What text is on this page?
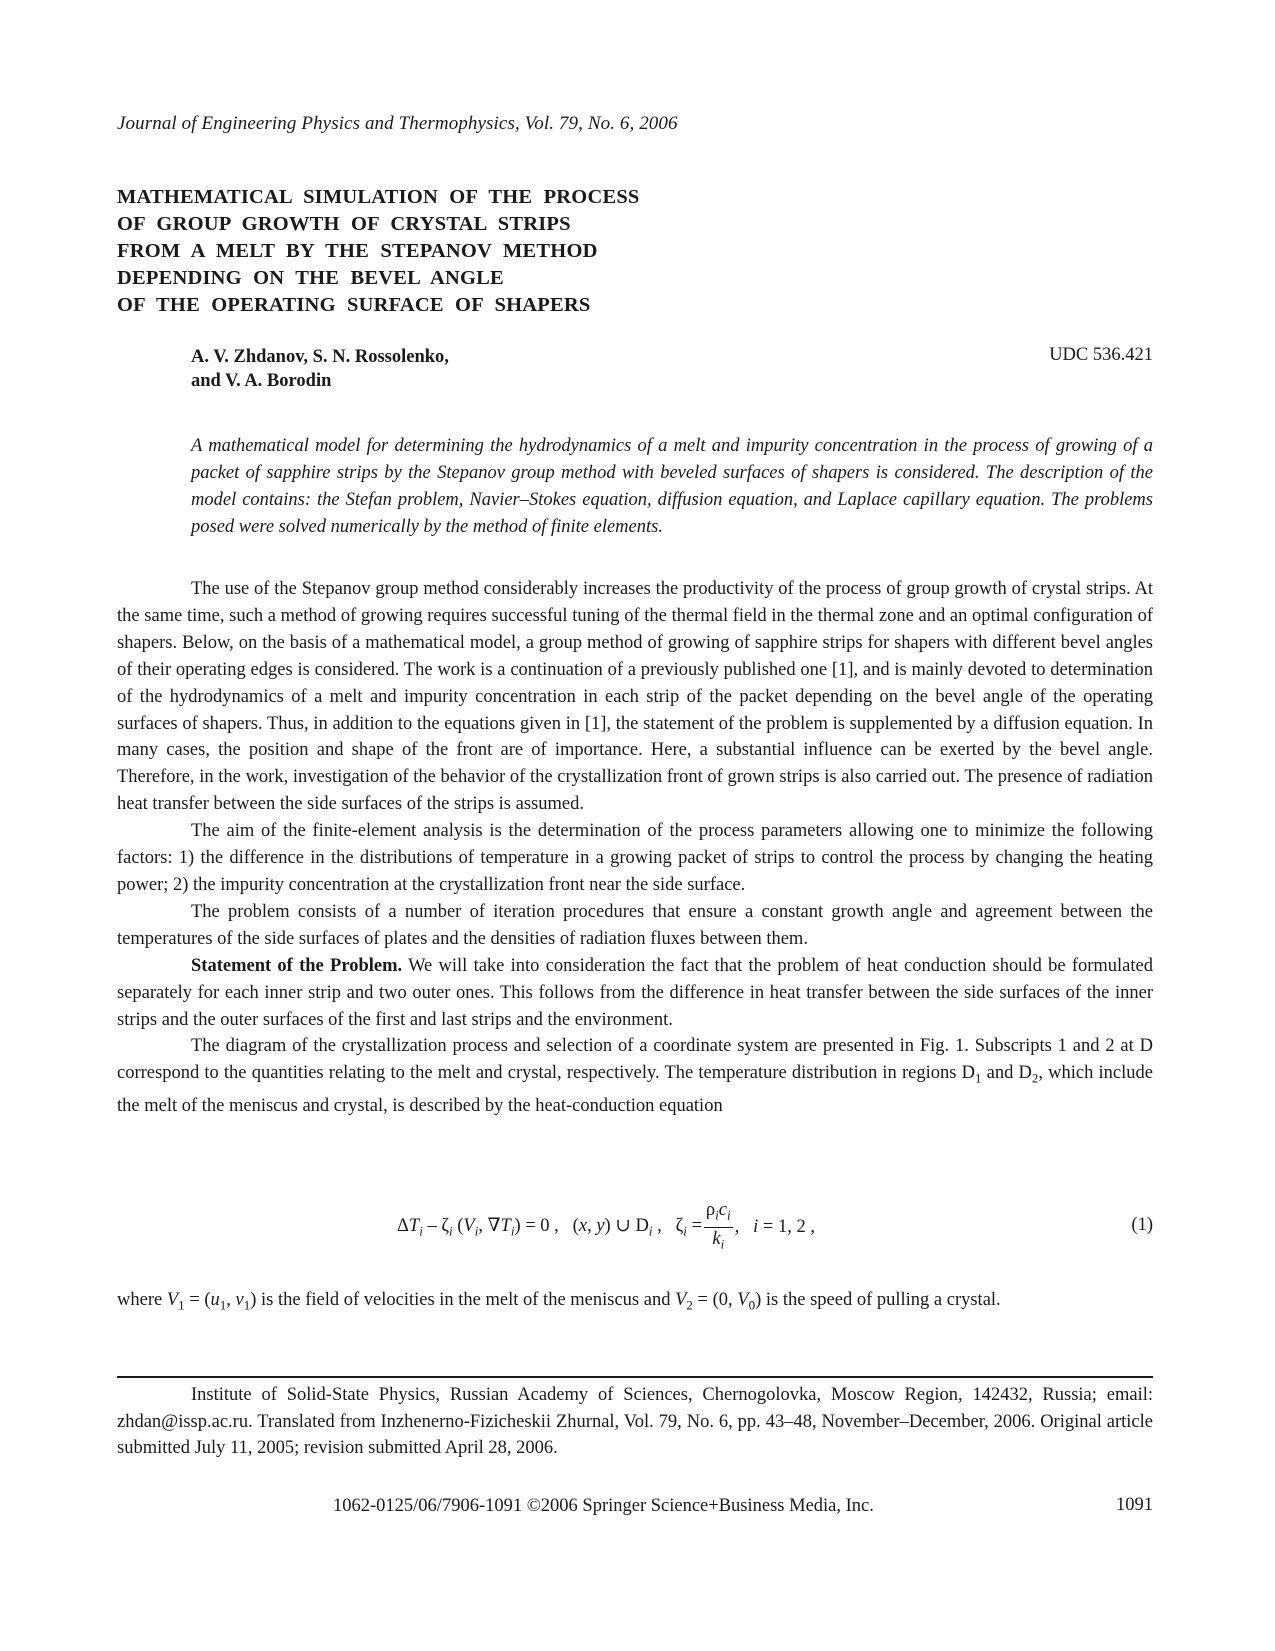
Journal of Engineering Physics and Thermophysics, Vol. 79, No. 6, 2006
MATHEMATICAL SIMULATION OF THE PROCESS
OF GROUP GROWTH OF CRYSTAL STRIPS
FROM A MELT BY THE STEPANOV METHOD
DEPENDING ON THE BEVEL ANGLE
OF THE OPERATING SURFACE OF SHAPERS
A. V. Zhdanov, S. N. Rossolenko,
and V. A. Borodin
UDC 536.421
A mathematical model for determining the hydrodynamics of a melt and impurity concentration in the process of growing of a packet of sapphire strips by the Stepanov group method with beveled surfaces of shapers is considered. The description of the model contains: the Stefan problem, Navier–Stokes equation, diffusion equation, and Laplace capillary equation. The problems posed were solved numerically by the method of finite elements.

The use of the Stepanov group method considerably increases the productivity of the process of group growth of crystal strips. At the same time, such a method of growing requires successful tuning of the thermal field in the thermal zone and an optimal configuration of shapers. Below, on the basis of a mathematical model, a group method of growing of sapphire strips for shapers with different bevel angles of their operating edges is considered. The work is a continuation of a previously published one [1], and is mainly devoted to determination of the hydrodynamics of a melt and impurity concentration in each strip of the packet depending on the bevel angle of the operating surfaces of shapers. Thus, in addition to the equations given in [1], the statement of the problem is supplemented by a diffusion equation. In many cases, the position and shape of the front are of importance. Here, a substantial influence can be exerted by the bevel angle. Therefore, in the work, investigation of the behavior of the crystallization front of grown strips is also carried out. The presence of radiation heat transfer between the side surfaces of the strips is assumed.

The aim of the finite-element analysis is the determination of the process parameters allowing one to minimize the following factors: 1) the difference in the distributions of temperature in a growing packet of strips to control the process by changing the heating power; 2) the impurity concentration at the crystallization front near the side surface.

The problem consists of a number of iteration procedures that ensure a constant growth angle and agreement between the temperatures of the side surfaces of plates and the densities of radiation fluxes between them.

Statement of the Problem. We will take into consideration the fact that the problem of heat conduction should be formulated separately for each inner strip and two outer ones. This follows from the difference in heat transfer between the side surfaces of the inner strips and the outer surfaces of the first and last strips and the environment.

The diagram of the crystallization process and selection of a coordinate system are presented in Fig. 1. Subscripts 1 and 2 at D correspond to the quantities relating to the melt and crystal, respectively. The temperature distribution in regions $D_1$ and $D_2$, which include the melt of the meniscus and crystal, is described by the heat-conduction equation

$\Delta T_i - \zeta_i$ ($V_i$, $\nabla T_i) = 0$ ,   (x, y) ∪ $D_i$ ,   $\zeta_i = \frac{\rho_ic_i}{k_i}$ ,   i = 1, 2 ,	(1)
where $V_1 = (u_1$, $v_1$) is the field of velocities in the melt of the meniscus and $V_2 = (0$, $V_0$) is the speed of pulling a crystal.

Institute of Solid-State Physics, Russian Academy of Sciences, Chernogolovka, Moscow Region, 142432, Russia; email: zhdan@issp.ac.ru. Translated from Inzhenerno-Fizicheskii Zhurnal, Vol. 79, No. 6, pp. 43–48, November–December, 2006. Original article submitted July 11, 2005; revision submitted April 28, 2006.

1062-0125/06/7906-1091 ©2006 Springer Science+Business Media, Inc.	1091
